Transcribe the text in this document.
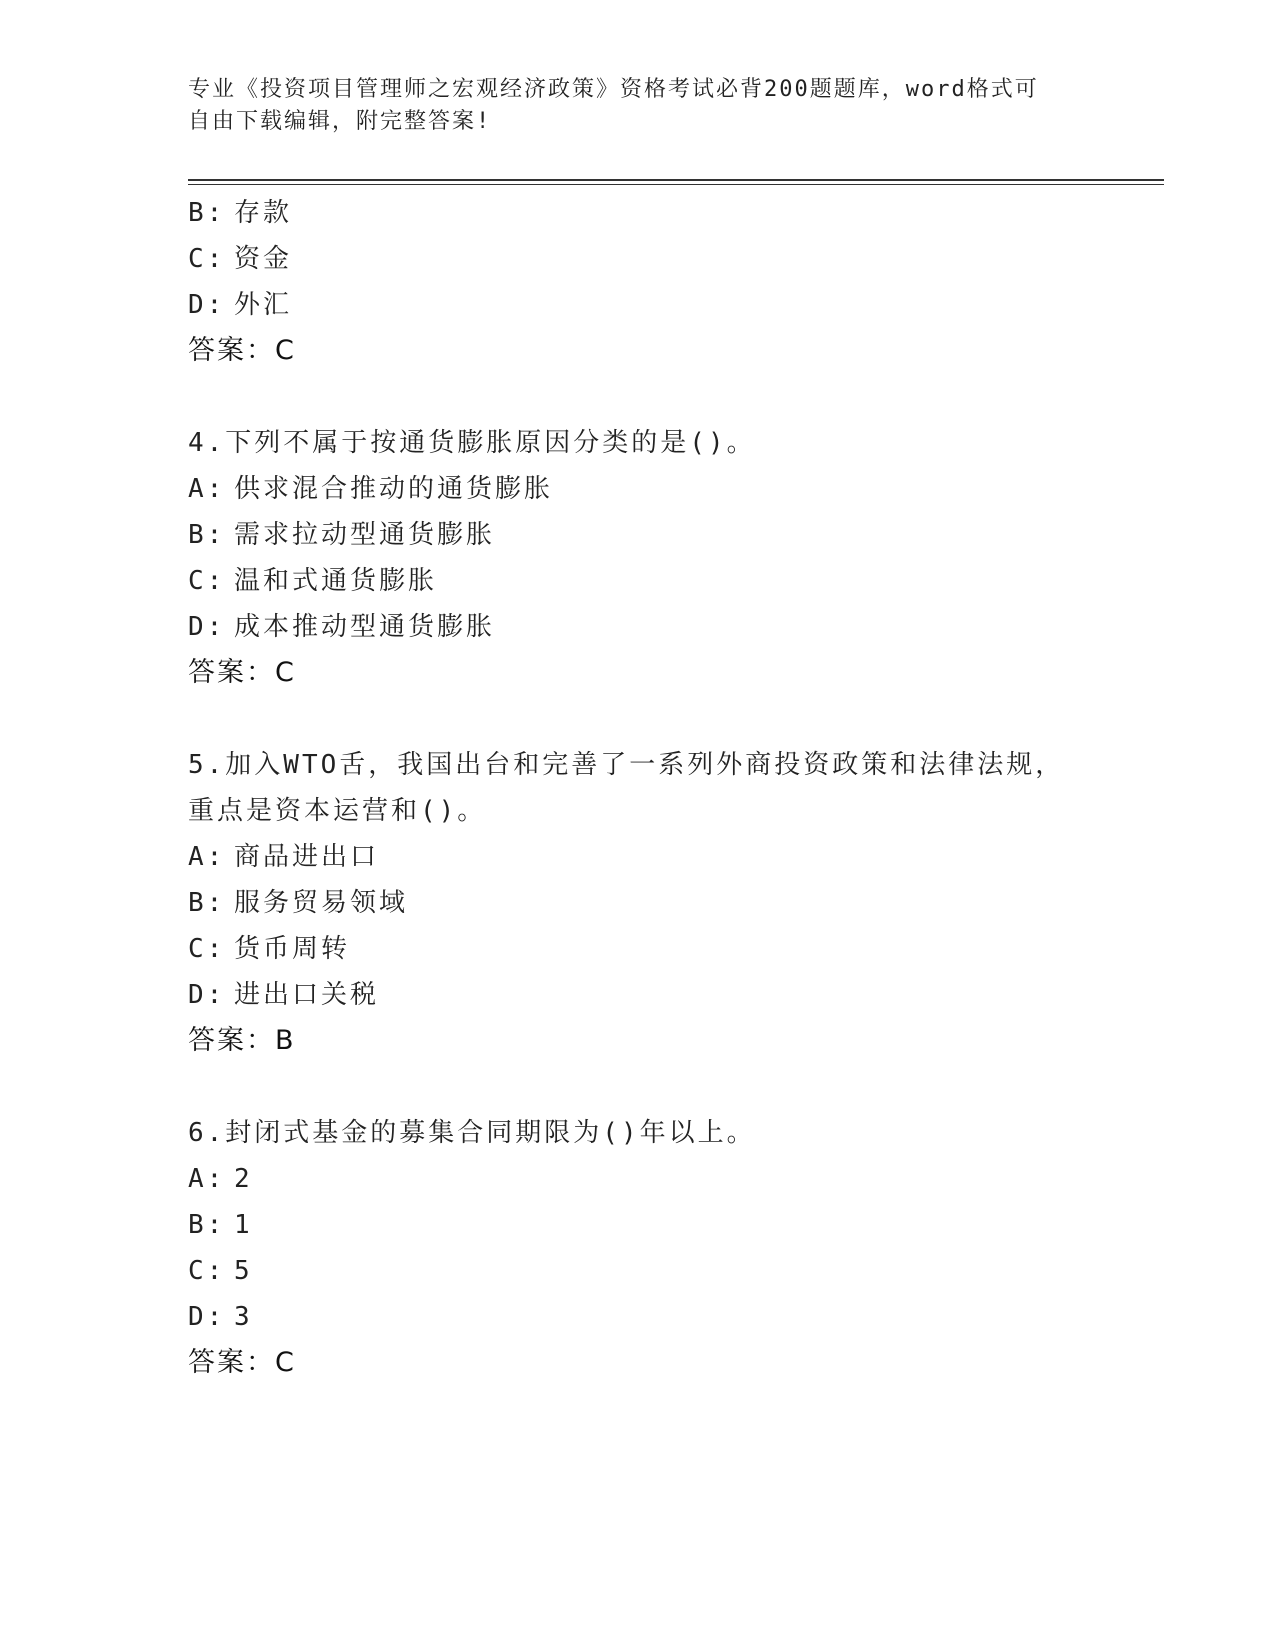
专业《投资项目管理师之宏观经济政策》资格考试必背200题题库，word格式可
自由下载编辑，附完整答案!
B: 存款
C: 资金
D: 外汇
答案：C
4.下列不属于按通货膨胀原因分类的是()。
A: 供求混合推动的通货膨胀
B: 需求拉动型通货膨胀
C: 温和式通货膨胀
D: 成本推动型通货膨胀
答案：C
5.加入WTO舌，我国出台和完善了一系列外商投资政策和法律法规，
重点是资本运营和()。
A: 商品进出口
B: 服务贸易领域
C: 货币周转
D: 进出口关税
答案：B
6.封闭式基金的募集合同期限为()年以上。
A: 2
B: 1
C: 5
D: 3
答案：C
